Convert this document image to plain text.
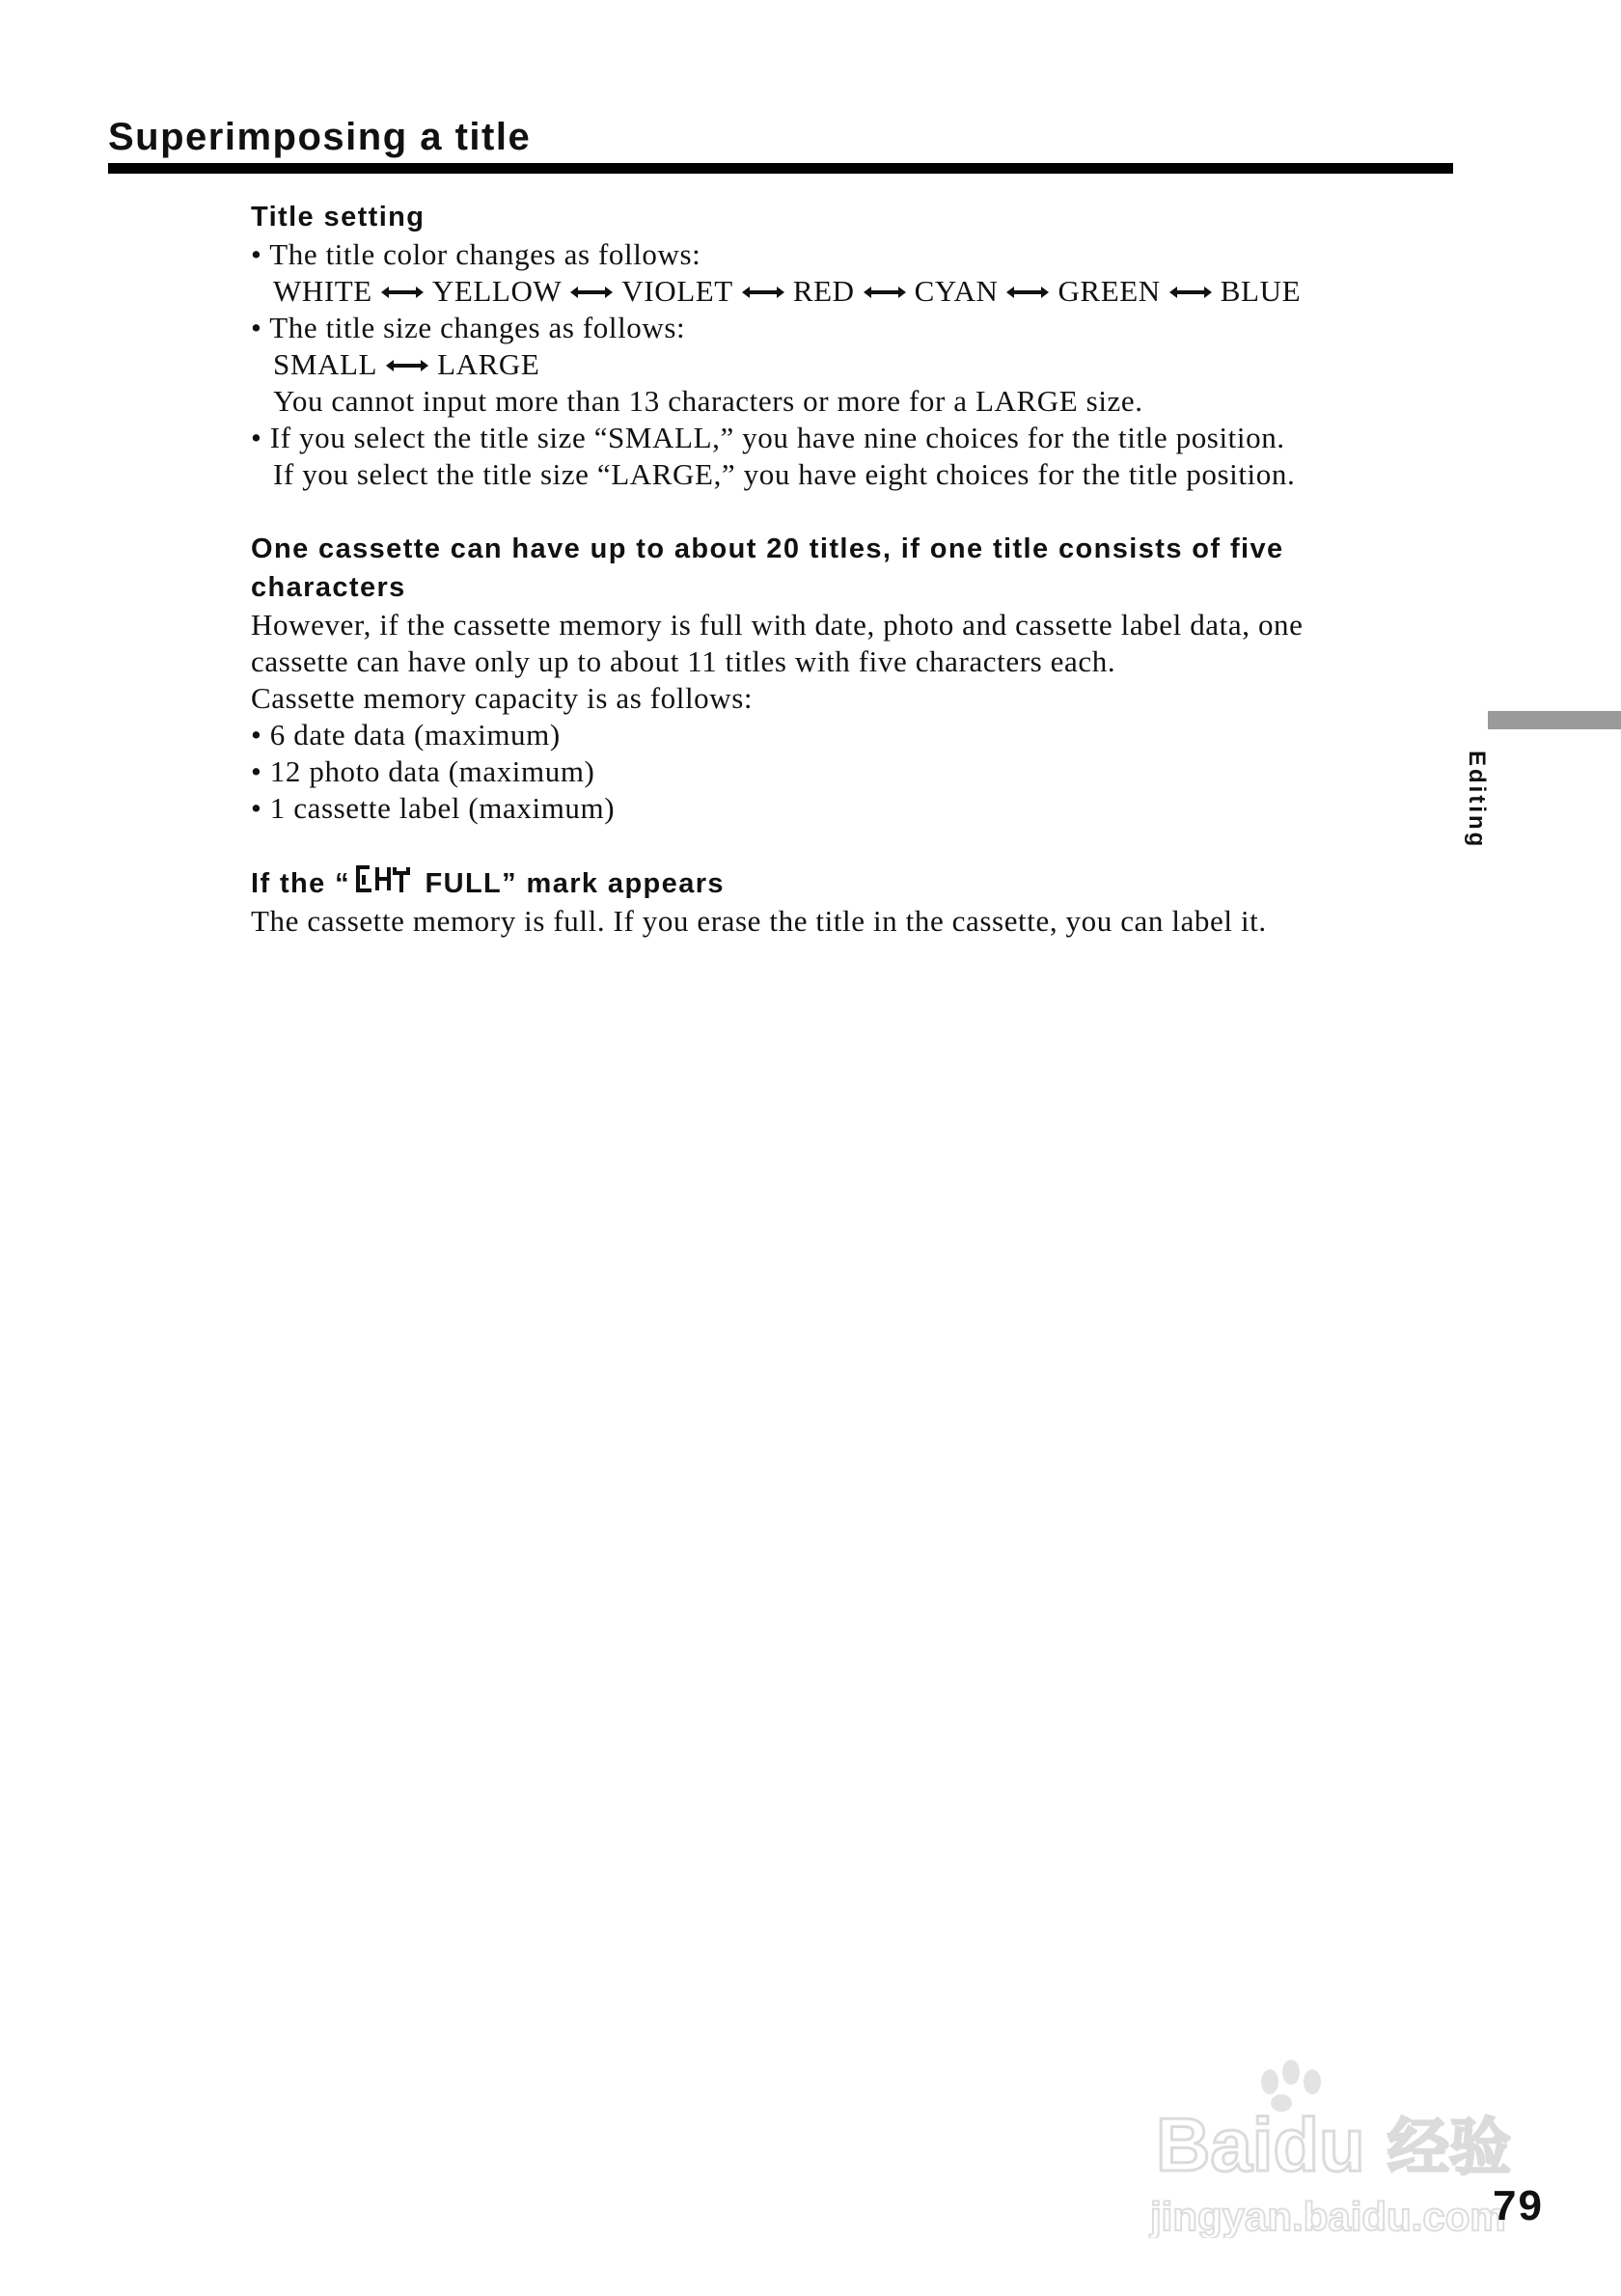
Superimposing a title
Title setting
• The title color changes as follows:
WHITE YELLOW VIOLET RED CYAN GREEN BLUE
• The title size changes as follows:
SMALL LARGE
You cannot input more than 13 characters or more for a LARGE size.
• If you select the title size “SMALL,” you have nine choices for the title position.
If you select the title size “LARGE,” you have eight choices for the title position.
One cassette can have up to about 20 titles, if one title consists of five characters
However, if the cassette memory is full with date, photo and cassette label data, one
cassette can have only up to about 11 titles with five characters each.
Cassette memory capacity is as follows:
• 6 date data (maximum)
• 12 photo data (maximum)
• 1 cassette label (maximum)
If the “ FULL” mark appears
The cassette memory is full. If you erase the title in the cassette, you can label it.
Editing
Baidu 经验
jingyan.baidu.com
79
